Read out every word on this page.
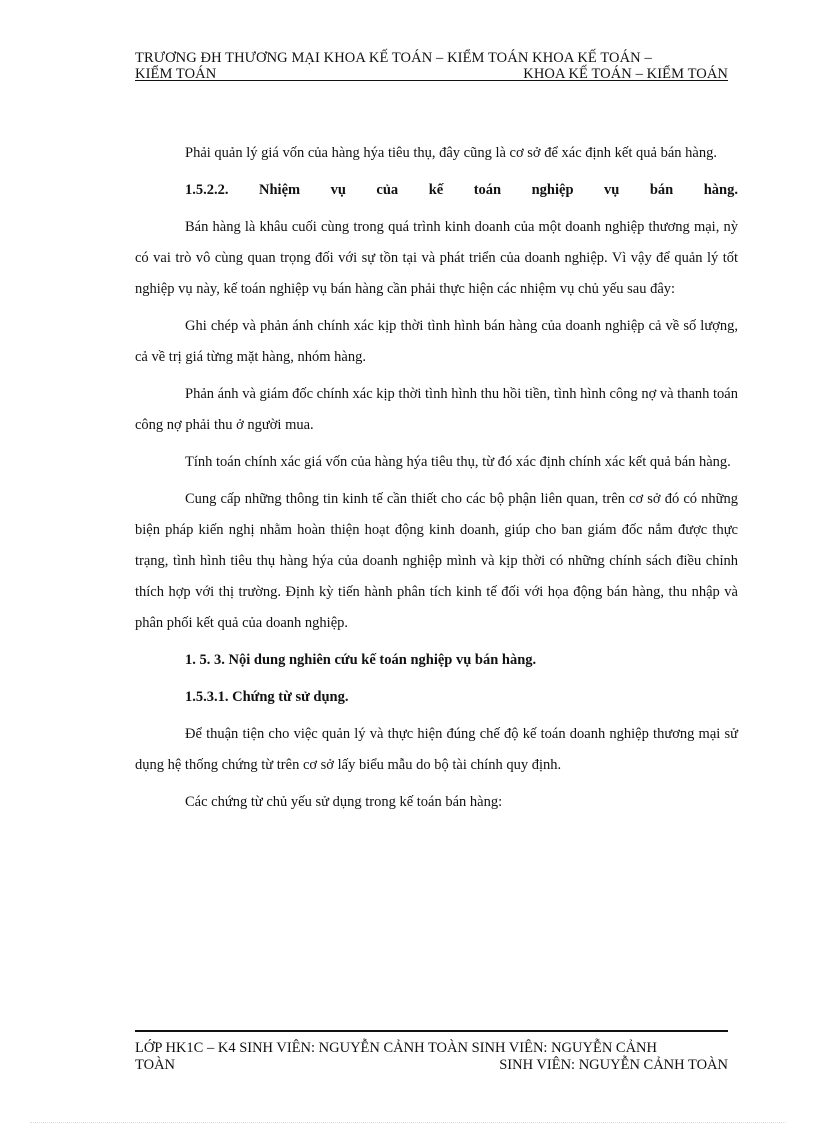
TRƯƠNG ĐH THƯƠNG MẠI KHOA KẾ TOÁN – KIỂM TOÁN KHOA KẾ TOÁN –
KIỂM TOÁN	KHOA KẾ TOÁN – KIỂM TOÁN

Phải quản lý giá vốn của hàng hýa tiêu thụ, đây cũng là cơ sở để xác định kết quả bán hàng.

1.5.2.2. Nhiệm vụ của kế toán nghiệp vụ bán hàng.

Bán hàng là khâu cuối cùng trong quá trình kinh doanh của một doanh nghiệp thương mại, nỳ có vai trò vô cùng quan trọng đối với sự tồn tại và phát triển của doanh nghiệp. Vì vậy để quản lý tốt nghiệp vụ này, kế toán nghiệp vụ bán hàng cần phải thực hiện các nhiệm vụ chủ yếu sau đây:

Ghi chép và phản ánh chính xác kịp thời tình hình bán hàng của doanh nghiệp cả về số lượng, cả về trị giá từng mặt hàng, nhóm hàng.

Phản ánh và giám đốc chính xác kịp thời tình hình thu hồi tiền, tình hình công nợ và thanh toán công nợ phải thu ở người mua.

Tính toán chính xác giá vốn của hàng hýa tiêu thụ, từ đó xác định chính xác kết quả bán hàng.

Cung cấp những thông tin kinh tế cần thiết cho các bộ phận liên quan, trên cơ sở đó có những biện pháp kiến nghị nhằm hoàn thiện hoạt động kinh doanh, giúp cho ban giám đốc nắm được thực trạng, tình hình tiêu thụ hàng hýa của doanh nghiệp mình và kịp thời có những chính sách điều chỉnh thích hợp với thị trường. Định kỳ tiến hành phân tích kinh tế đối với họa động bán hàng, thu nhập và phân phối kết quả của doanh nghiệp.

1. 5. 3. Nội dung nghiên cứu kế toán nghiệp vụ bán hàng.

1.5.3.1. Chứng từ sử dụng.

Để thuận tiện cho việc quản lý và thực hiện đúng chế độ kế toán doanh nghiệp thương mại sử dụng hệ thống chứng từ trên cơ sở lấy biểu mẫu do bộ tài chính quy định.

Các chứng từ chủ yếu sử dụng trong kế toán bán hàng:

LỚP HK1C – K4 SINH VIÊN: NGUYỄN CẢNH TOÀN SINH VIÊN: NGUYỄN CẢNH
TOÀN	SINH VIÊN: NGUYỄN CẢNH TOÀN
